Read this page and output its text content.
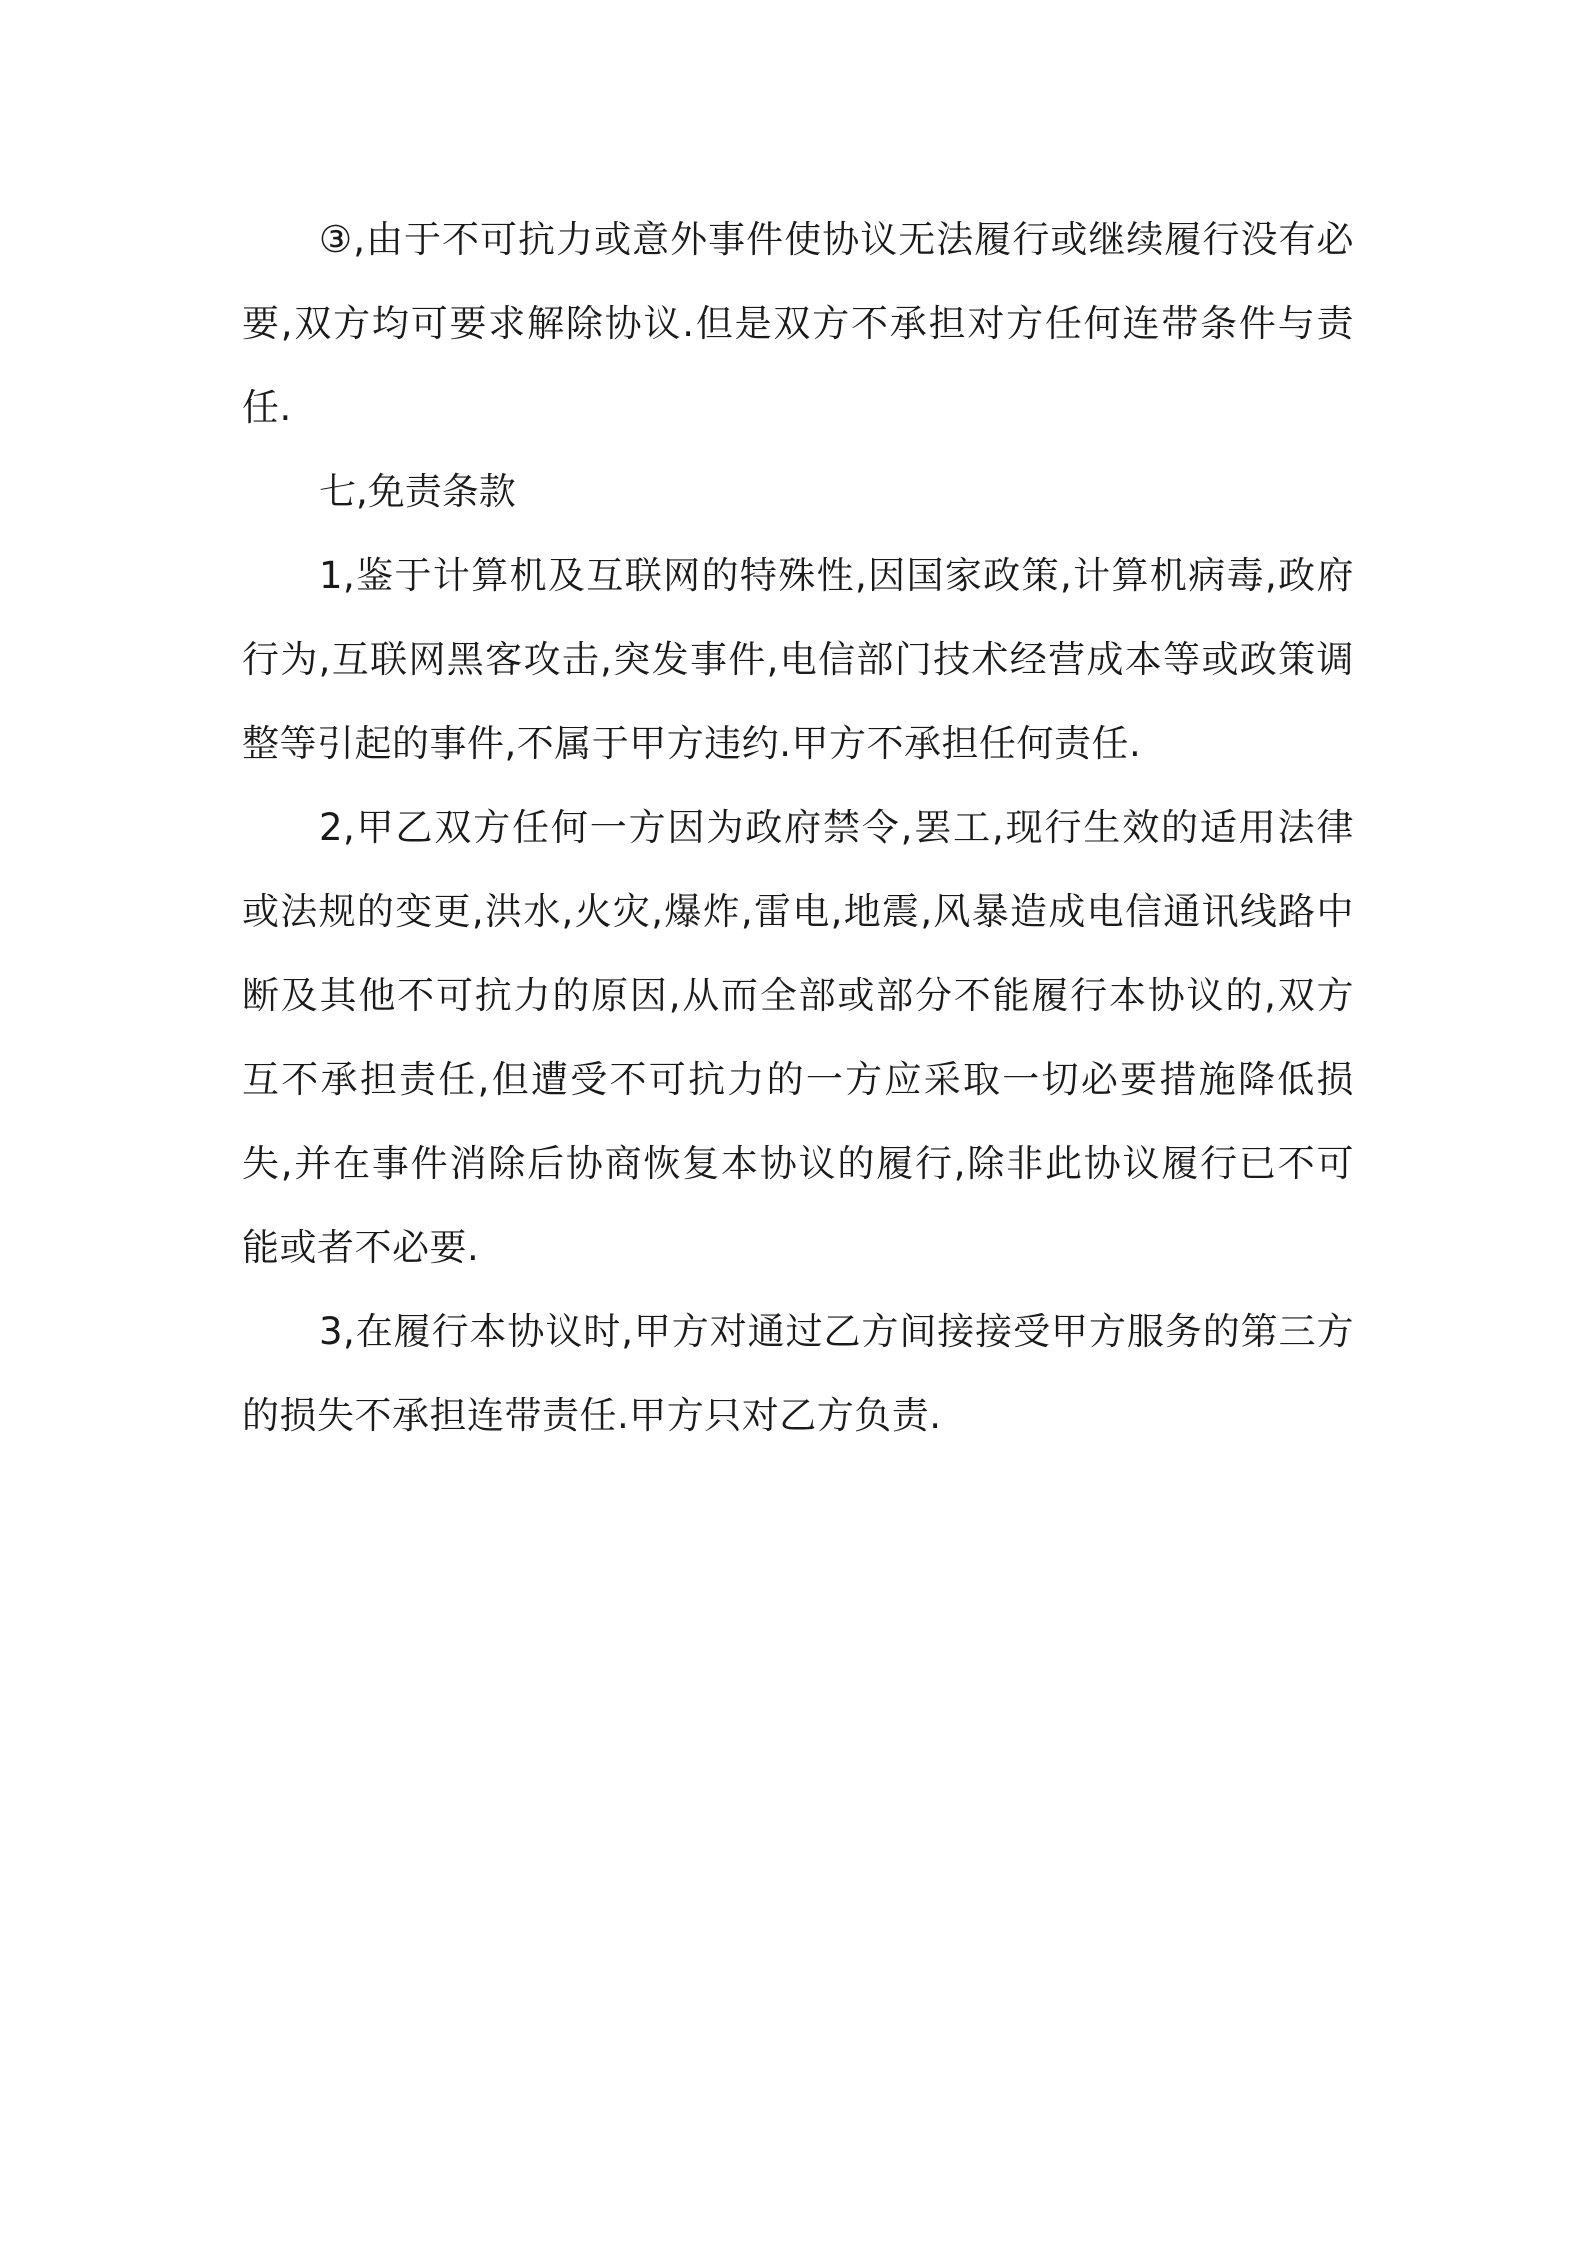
③,由于不可抗力或意外事件使协议无法履行或继续履行没有必要,双方均可要求解除协议.但是双方不承担对方任何连带条件与责任.

七,免责条款

1,鉴于计算机及互联网的特殊性,因国家政策,计算机病毒,政府行为,互联网黑客攻击,突发事件,电信部门技术经营成本等或政策调整等引起的事件,不属于甲方违约.甲方不承担任何责任.

2,甲乙双方任何一方因为政府禁令,罢工,现行生效的适用法律或法规的变更,洪水,火灾,爆炸,雷电,地震,风暴造成电信通讯线路中断及其他不可抗力的原因,从而全部或部分不能履行本协议的,双方互不承担责任,但遭受不可抗力的一方应采取一切必要措施降低损失,并在事件消除后协商恢复本协议的履行,除非此协议履行已不可能或者不必要.

3,在履行本协议时,甲方对通过乙方间接接受甲方服务的第三方的损失不承担连带责任.甲方只对乙方负责.
